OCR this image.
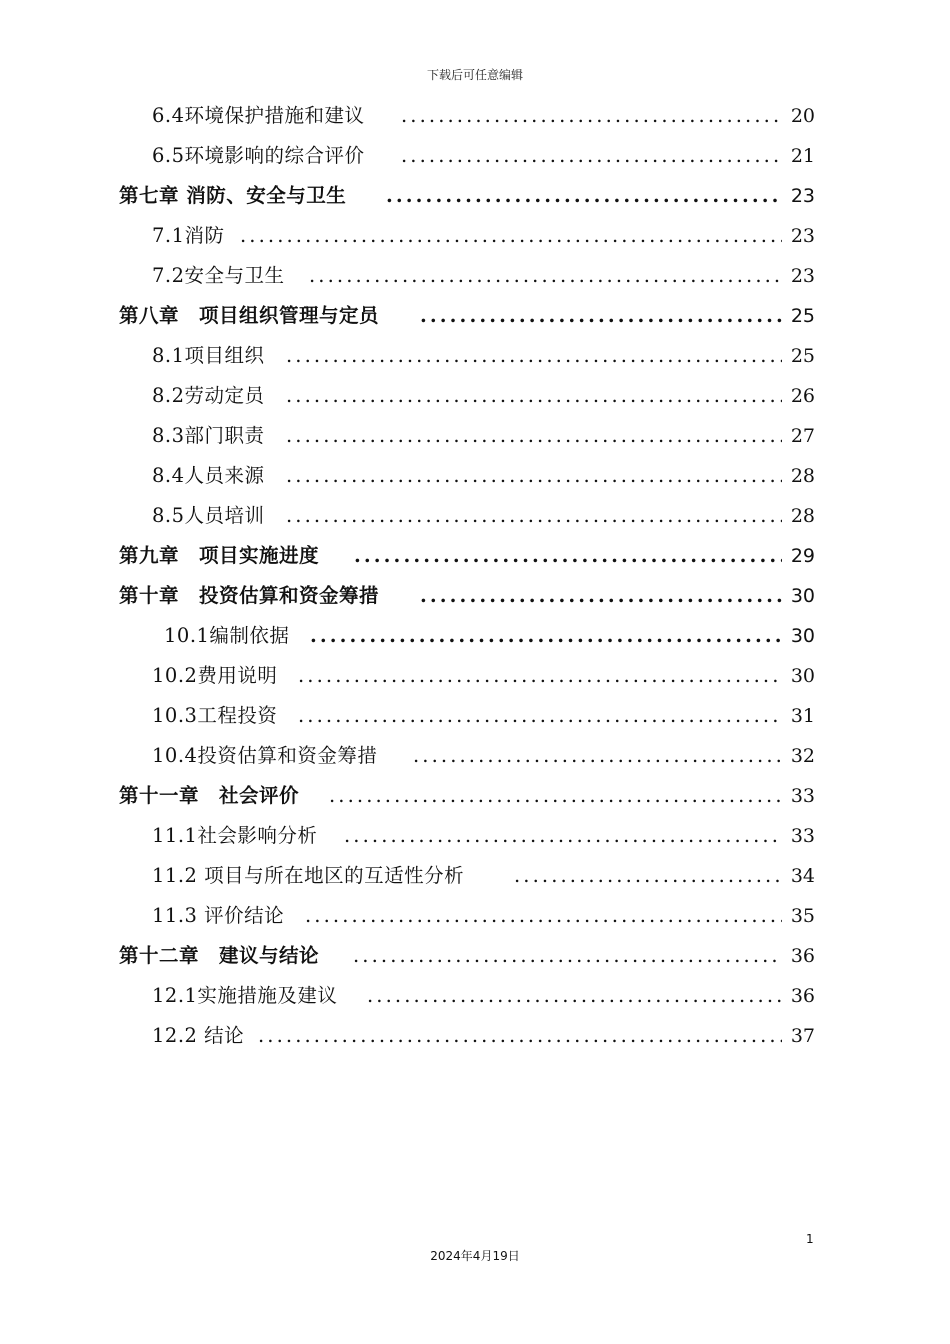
下载后可任意编辑
6.4环境保护措施和建议 .....	20
6.5环境影响的综合评价 .....	21
第七章 消防、安全与卫生 .....	23
7.1消防 .....	23
7.2安全与卫生 .....	23
第八章　项目组织管理与定员 .....	25
8.1项目组织 .....	25
8.2劳动定员 .....	26
8.3部门职责 .....	27
8.4人员来源 .....	28
8.5人员培训 .....	28
第九章　项目实施进度 .....	29
第十章　投资估算和资金筹措 .....	30
10.1编制依据 .....	30
10.2费用说明 .....	30
10.3工程投资 .....	31
10.4投资估算和资金筹措 .....	32
第十一章　社会评价 .....	33
11.1社会影响分析 .....	33
11.2 项目与所在地区的互适性分析 .....	34
11.3 评价结论 .....	35
第十二章　建议与结论 .....	36
12.1实施措施及建议 .....	36
12.2 结论 .....	37
1
2024年4月19日
